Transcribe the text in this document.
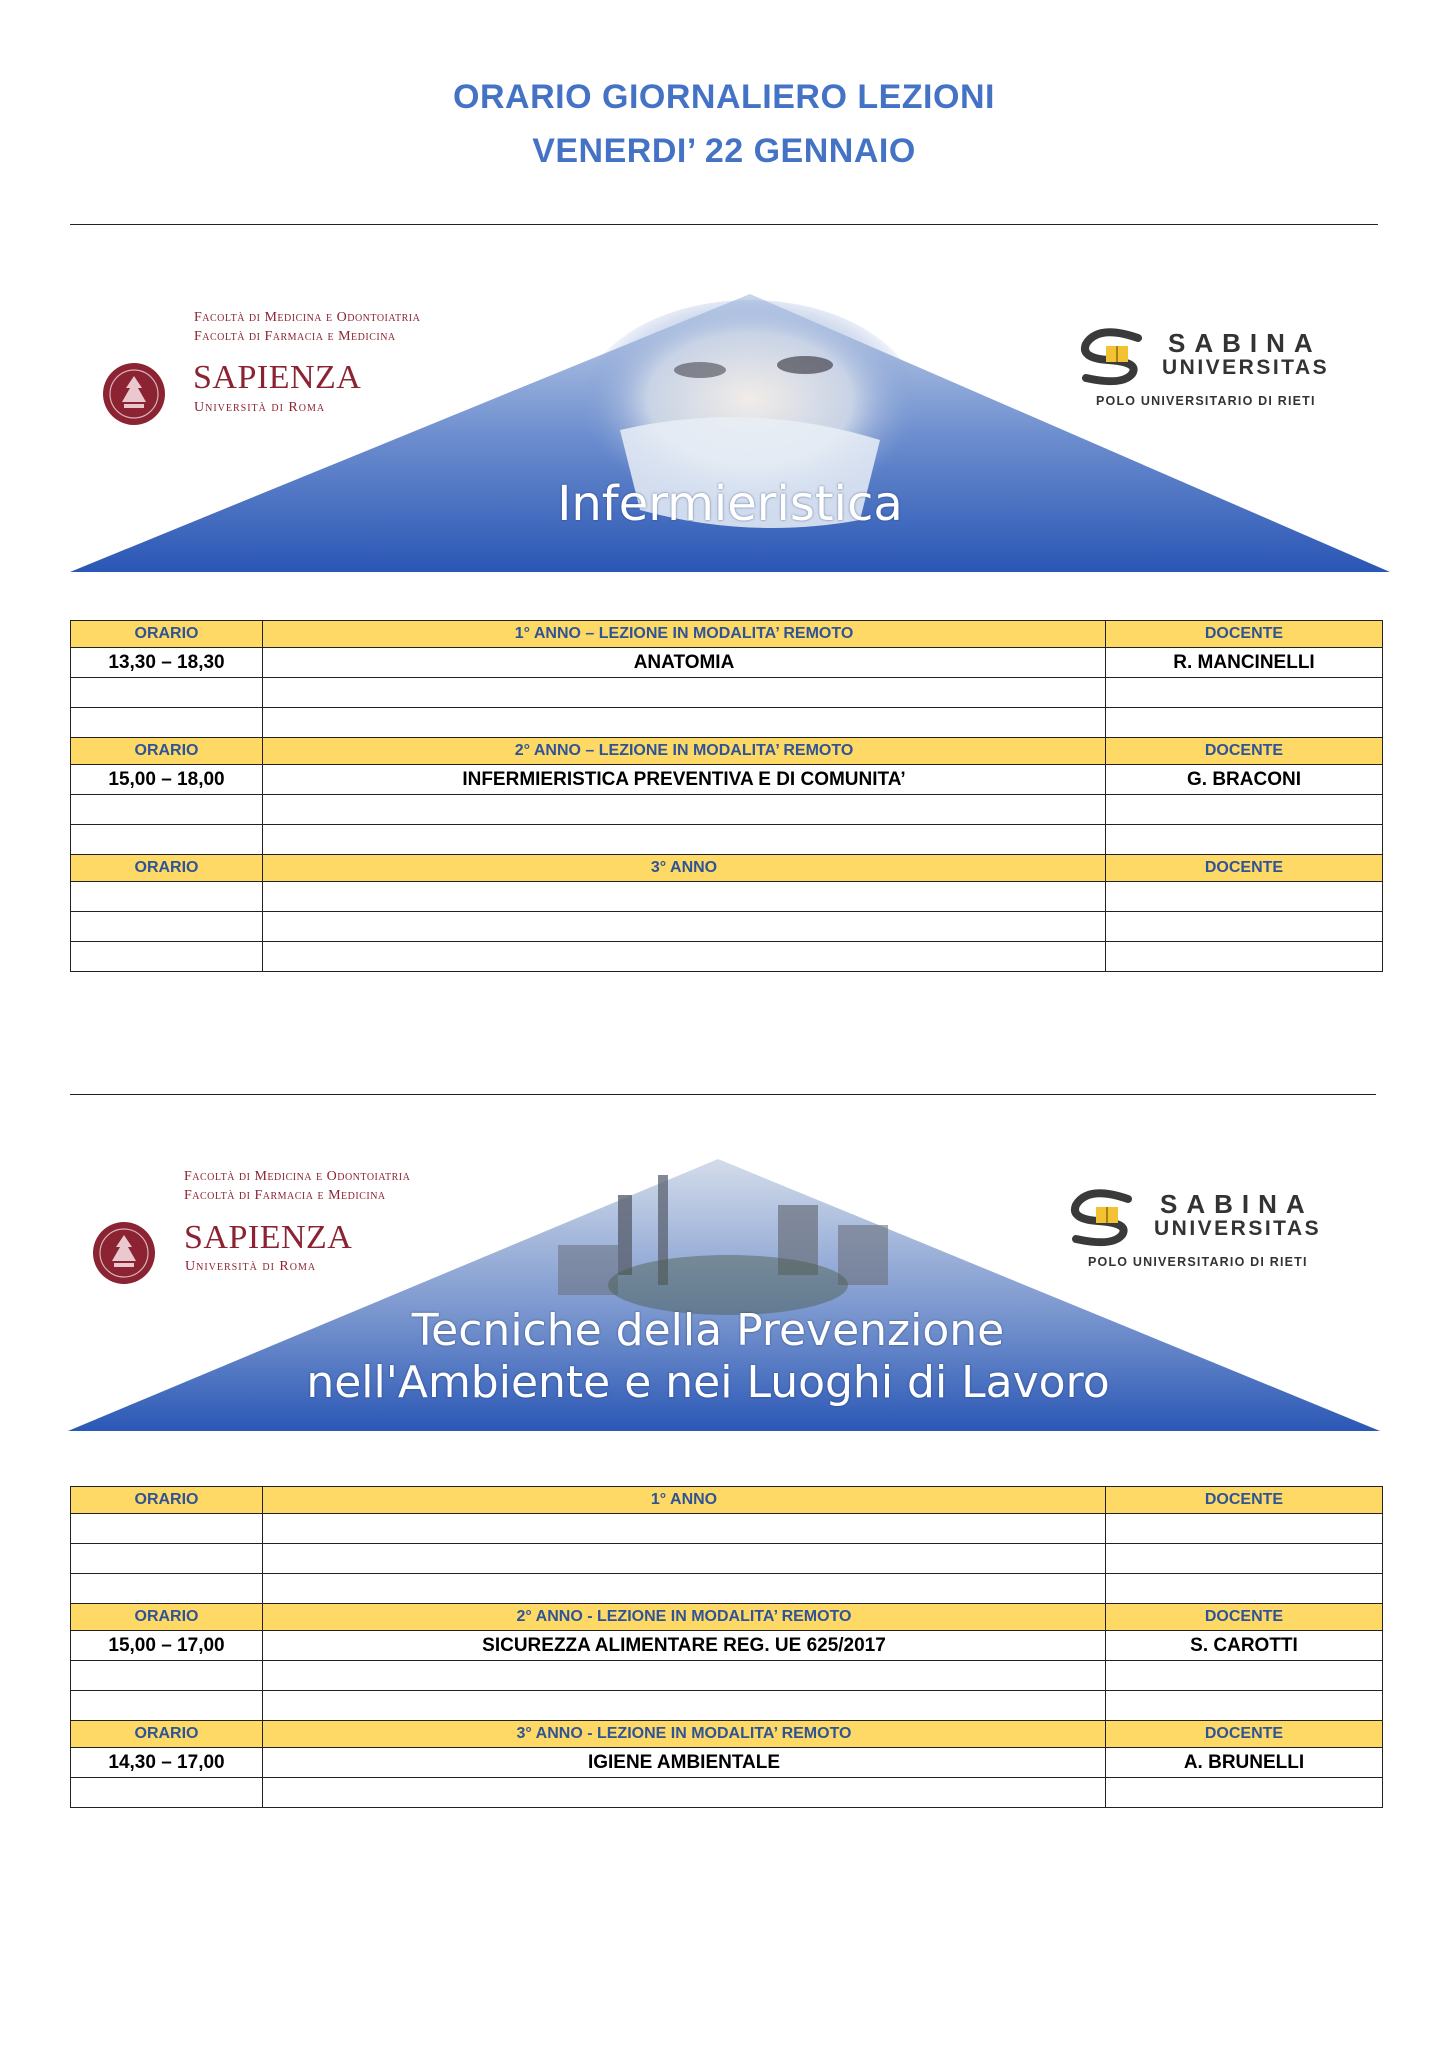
ORARIO GIORNALIERO LEZIONI
VENERDI’ 22 GENNAIO
Facoltà di Medicina e Odontoiatria
Facoltà di Farmacia e Medicina
SAPIENZA
Università di Roma
SABINA
UNIVERSITAS
POLO UNIVERSITARIO DI RIETI
Infermieristica
ORARIO	1° ANNO – LEZIONE IN MODALITA’ REMOTO	DOCENTE
13,30 – 18,30	ANATOMIA	R. MANCINELLI

ORARIO	2° ANNO – LEZIONE IN MODALITA’ REMOTO	DOCENTE
15,00 – 18,00	INFERMIERISTICA PREVENTIVA E DI COMUNITA’	G. BRACONI

ORARIO	3° ANNO	DOCENTE

Facoltà di Medicina e Odontoiatria
Facoltà di Farmacia e Medicina
SAPIENZA
Università di Roma
SABINA
UNIVERSITAS
POLO UNIVERSITARIO DI RIETI
Tecniche della Prevenzione
nell'Ambiente e nei Luoghi di Lavoro
ORARIO	1° ANNO	DOCENTE

ORARIO	2° ANNO - LEZIONE IN MODALITA’ REMOTO	DOCENTE
15,00 – 17,00	SICUREZZA ALIMENTARE REG. UE 625/2017	S. CAROTTI

ORARIO	3° ANNO - LEZIONE IN MODALITA’ REMOTO	DOCENTE
14,30 – 17,00	IGIENE AMBIENTALE	A. BRUNELLI
